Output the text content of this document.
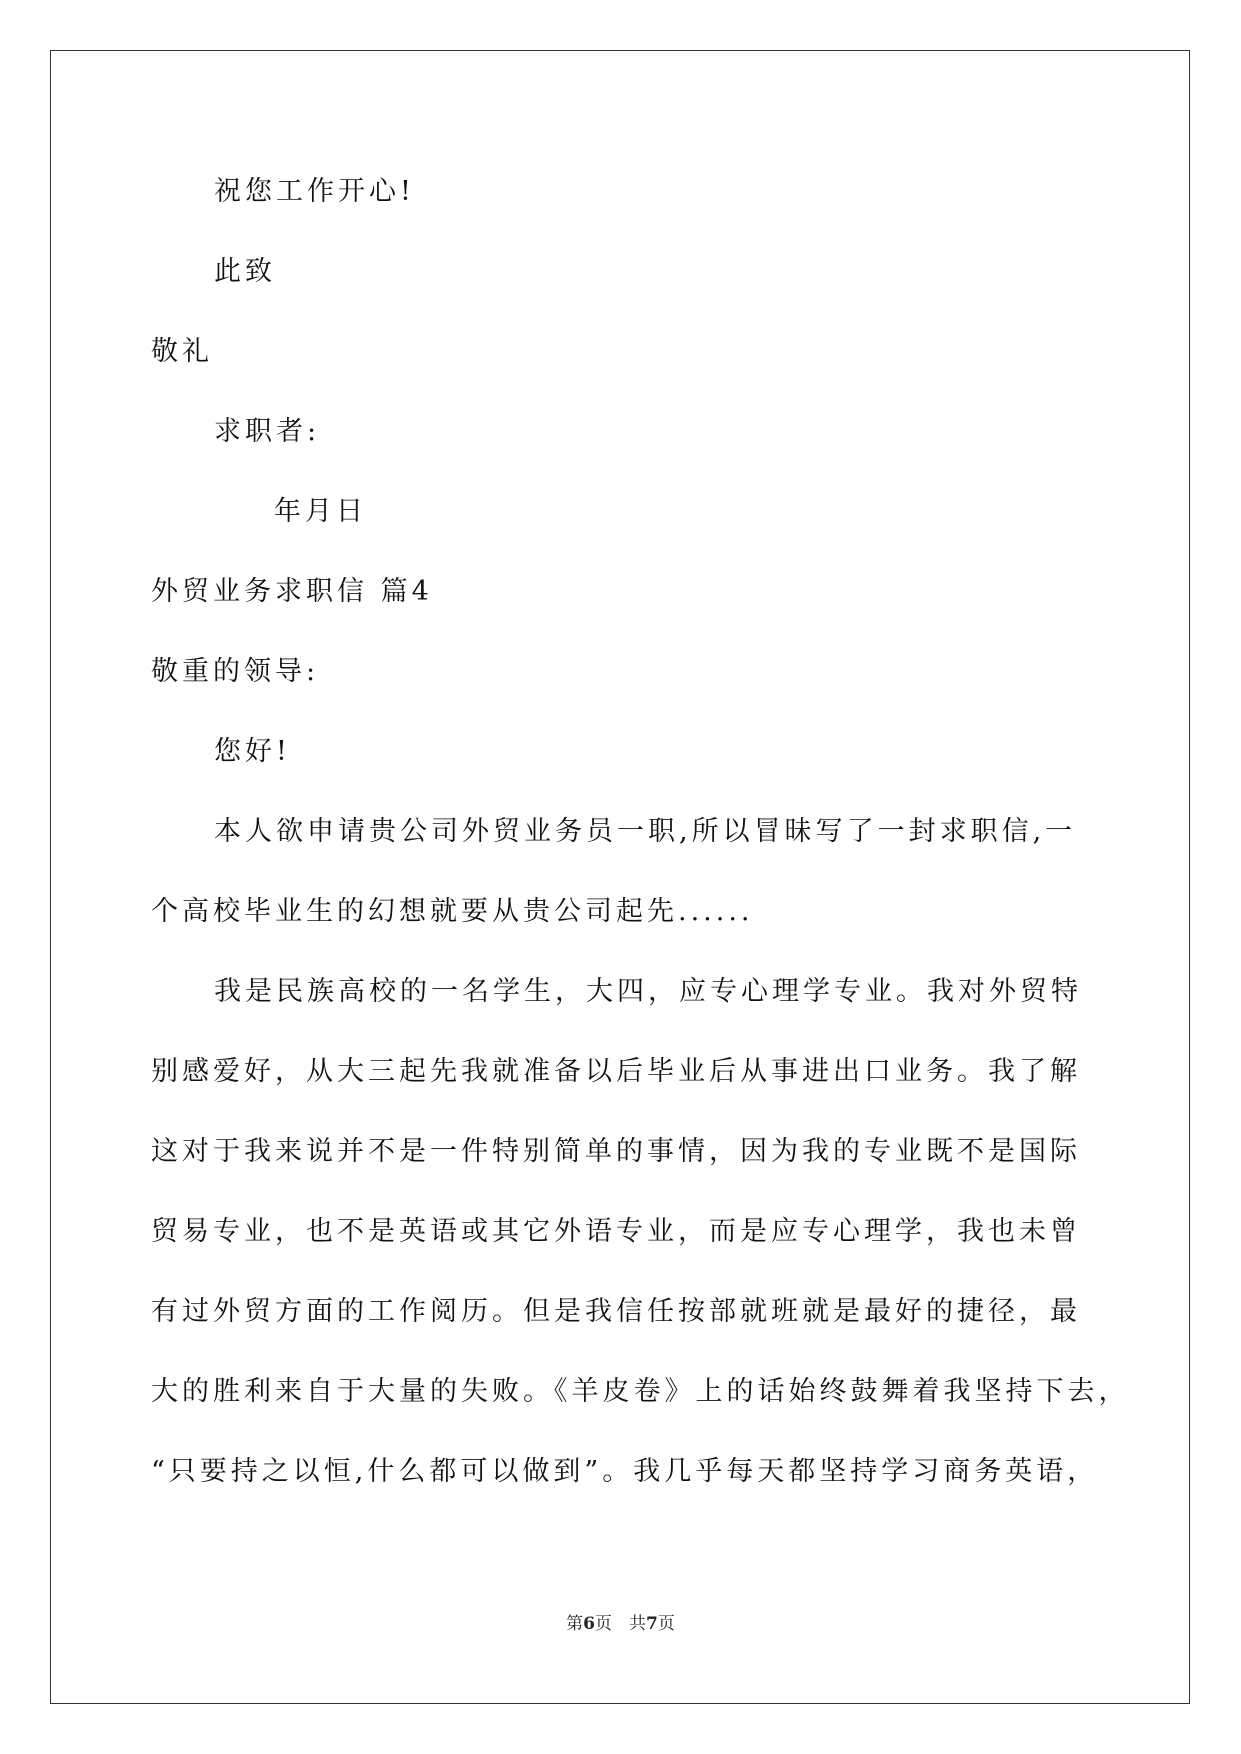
祝您工作开心!
此致
敬礼
求职者:
年月日
外贸业务求职信 篇4
敬重的领导:
您好!
本人欲申请贵公司外贸业务员一职,所以冒昧写了一封求职信,一
个高校毕业生的幻想就要从贵公司起先......
我是民族高校的一名学生，大四，应专心理学专业。我对外贸特
别感爱好，从大三起先我就准备以后毕业后从事进出口业务。我了解
这对于我来说并不是一件特别简单的事情，因为我的专业既不是国际
贸易专业，也不是英语或其它外语专业，而是应专心理学，我也未曾
有过外贸方面的工作阅历。但是我信任按部就班就是最好的捷径，最
大的胜利来自于大量的失败。《羊皮卷》上的话始终鼓舞着我坚持下去，
“只要持之以恒,什么都可以做到”。我几乎每天都坚持学习商务英语，
第6页　共7页
